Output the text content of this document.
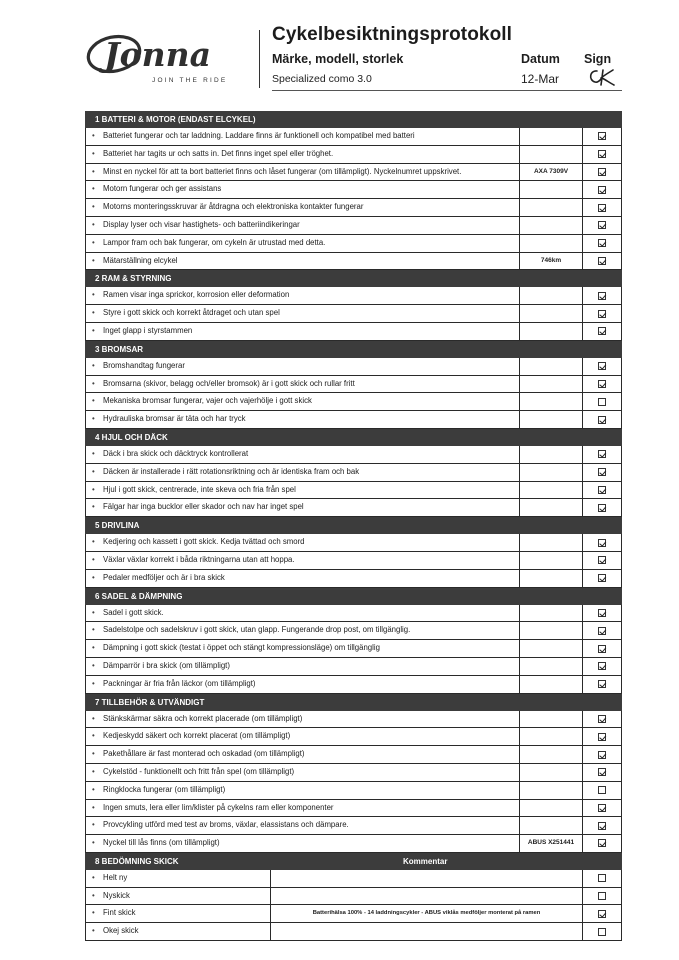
Jonna
JOIN THE RIDE
Cykelbesiktningsprotokoll
Märke, modell, storlek
Specialized como 3.0
Datum Sign
12-Mar
1 BATTERI & MOTOR (ENDAST ELCYKEL)
• Batteriet fungerar och tar laddning. Laddare finns är funktionell och kompatibel med batteri
• Batteriet har tagits ur och satts in. Det finns inget spel eller tröghet.
• Minst en nyckel för att ta bort batteriet finns och låset fungerar (om tillämpligt). Nyckelnumret uppskrivet.	AXA 7309V
• Motorn fungerar och ger assistans
• Motorns monteringsskruvar är åtdragna och elektroniska kontakter fungerar
• Display lyser och visar hastighets- och batteriindikeringar
• Lampor fram och bak fungerar, om cykeln är utrustad med detta.
• Mätarställning elcykel	746km
2 RAM & STYRNING
• Ramen visar inga sprickor, korrosion eller deformation
• Styre i gott skick och korrekt åtdraget och utan spel
• Inget glapp i styrstammen
3 BROMSAR
• Bromshandtag fungerar
• Bromsarna (skivor, belagg och/eller bromsok) är i gott skick och rullar fritt
• Mekaniska bromsar fungerar, vajer och vajerhölje i gott skick
• Hydrauliska bromsar är täta och har tryck
4 HJUL OCH DÄCK
• Däck i bra skick och däcktryck kontrollerat
• Däcken är installerade i rätt rotationsriktning och är identiska fram och bak
• Hjul i gott skick, centrerade, inte skeva och fria från spel
• Fälgar har inga bucklor eller skador och nav har inget spel
5 DRIVLINA
• Kedjering och kassett i gott skick. Kedja tvättad och smord
• Växlar växlar korrekt i båda riktningarna utan att hoppa.
• Pedaler medföljer och är i bra skick
6 SADEL & DÄMPNING
• Sadel i gott skick.
• Sadelstolpe och sadelskruv i gott skick, utan glapp. Fungerande drop post, om tillgänglig.
• Dämpning i gott skick (testat i öppet och stängt kompressionsläge) om tillgänglig
• Dämparrör i bra skick (om tillämpligt)
• Packningar är fria från läckor (om tillämpligt)
7 TILLBEHÖR & UTVÄNDIGT
• Stänkskärmar säkra och korrekt placerade (om tillämpligt)
• Kedjeskydd säkert och korrekt placerat (om tillämpligt)
• Pakethållare är fast monterad och oskadad (om tillämpligt)
• Cykelstöd - funktionellt och fritt från spel (om tillämpligt)
• Ringklocka fungerar (om tillämpligt)
• Ingen smuts, lera eller lim/klister på cykelns ram eller komponenter
• Provcykling utförd med test av broms, växlar, elassistans och dämpare.
• Nyckel till lås finns (om tillämpligt)	ABUS X251441
8 BEDÖMNING SKICK	Kommentar
• Helt ny
• Nyskick
• Fint skick	Batterihälsa 100% - 14 laddningscykler - ABUS viklås medföljer monterat på ramen
• Okej skick
